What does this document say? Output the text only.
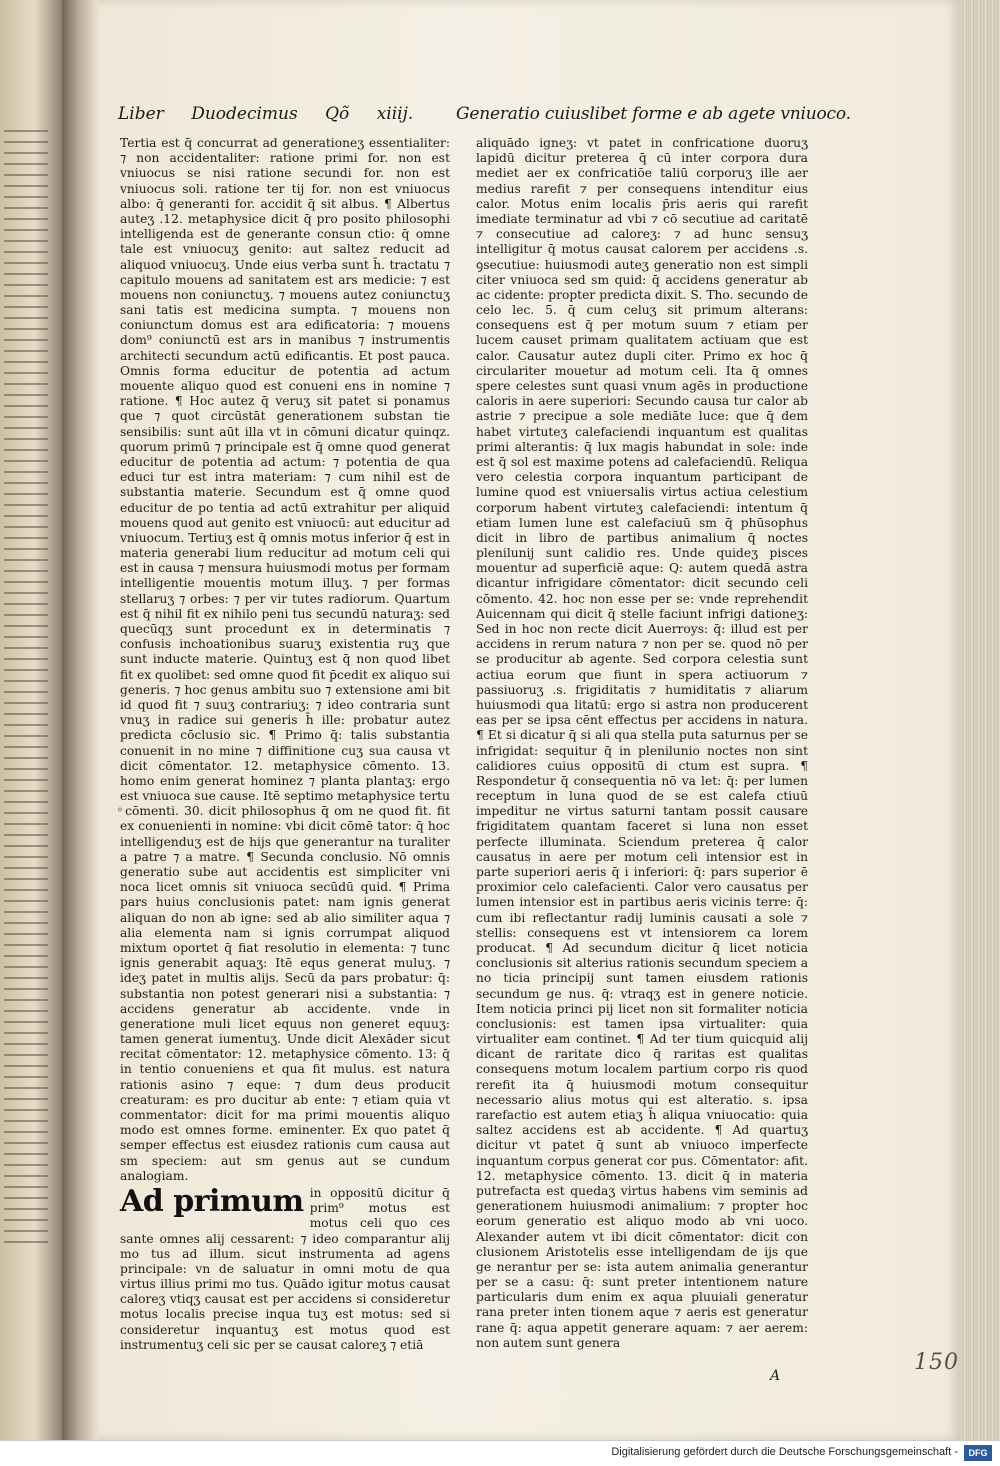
Liber Duodecimus Qõ xiiij.	Generatio cuiuslibet forme e ab agete vniuoco.

Tertia est q̄ concurrat ad generationeʒ essentialiter: ⁊ non accidentaliter: ratione primi for. non est vniuocus se nisi ratione secundi for. non est vniuocus soli. ratione ter tij for. non est vniuocus albo: q̄ generanti for. accidit q̄ sit albus. ¶ Albertus auteʒ .12. metaphysice dicit q̄ pro posito philosophi intelligenda est de generante consun ctio: q̄ omne tale est vniuocuʒ genito: aut saltez reducit ad aliquod vniuocuʒ. Unde eius verba sunt h̄. tractatu ⁊ capitulo mouens ad sanitatem est ars medicie: ⁊ est mouens non coniunctuʒ. ⁊ mouens autez coniunctuʒ sani tatis est medicina sumpta. ⁊ mouens non coniunctum domus est ara edificatoria: ⁊ mouens dom⁹ coniunctū est ars in manibus ⁊ instrumentis architecti secundum actū edificantis. Et post pauca. Omnis forma educitur de potentia ad actum mouente aliquo quod est conueni ens in nomine ⁊ ratione. ¶ Hoc autez q̄ veruʒ sit patet si ponamus que ⁊ quot circūstāt generationem substan tie sensibilis: sunt aūt illa vt in cōmuni dicatur quinqz. quorum primū ⁊ principale est q̄ omne quod generat educitur de potentia ad actum: ⁊ potentia de qua educi tur est intra materiam: ⁊ cum nihil est de substantia materie. Secundum est q̄ omne quod educitur de po tentia ad actū extrahitur per aliquid mouens quod aut genito est vniuocū: aut educitur ad vniuocum. Tertiuʒ est q̄ omnis motus inferior q̄ est in materia generabi lium reducitur ad motum celi qui est in causa ⁊ mensura huiusmodi motus per formam intelligentie mouentis motum illuʒ. ⁊ per formas stellaruʒ ⁊ orbes: ⁊ per vir tutes radiorum. Quartum est q̄ nihil fit ex nihilo peni tus secundū naturaʒ: sed quecūqʒ sunt procedunt ex in determinatis ⁊ confusis inchoationibus suaruʒ existentia ruʒ que sunt inducte materie. Quintuʒ est q̄ non quod libet fit ex quolibet: sed omne quod fit p̄cedit ex aliquo sui generis. ⁊ hoc genus ambitu suo ⁊ extensione ami bit id quod fit ⁊ suuʒ contrariuʒ: ⁊ ideo contraria sunt vnuʒ in radice sui generis h̄ ille: probatur autez predicta cōclusio sic. ¶ Primo q̄: talis substantia conuenit in no mine ⁊ diffinitione cuʒ sua causa vt dicit cōmentator. 12. metaphysice cōmento. 13. homo enim generat hominez ⁊ planta plantaʒ: ergo est vniuoca sue cause. Itē septimo metaphysice tertu ͦ cōmenti. 30. dicit philosophus q̄ om ne quod fit. fit ex conuenienti in nomine: vbi dicit cōmē tator: q̄ hoc intelligenduʒ est de hijs que generantur na turaliter a patre ⁊ a matre. ¶ Secunda conclusio. Nō omnis generatio sube aut accidentis est simpliciter vni noca licet omnis sit vniuoca secūdū quid. ¶ Prima pars huius conclusionis patet: nam ignis generat aliquan do non ab igne: sed ab alio similiter aqua ⁊ alia elementa nam si ignis corrumpat aliquod mixtum oportet q̄ fiat resolutio in elementa: ⁊ tunc ignis generabit aquaʒ: Itē equs generat muluʒ. ⁊ ideʒ patet in multis alijs. Secū da pars probatur: q̄: substantia non potest generari nisi a substantia: ⁊ accidens generatur ab accidente. vnde in generatione muli licet equus non generet equuʒ: tamen generat iumentuʒ. Unde dicit Alexāder sicut recitat cōmentator: 12. metaphysice cōmento. 13: q̄ in tentio conueniens et qua fit mulus. est natura rationis asino ⁊ eque: ⁊ dum deus producit creaturam: es pro ducitur ab ente: ⁊ etiam quia vt commentator: dicit for ma primi mouentis aliquo modo est omnes forme. eminenter. Ex quo patet q̄ semper effectus est eiusdez rationis cum causa aut sm speciem: aut sm genus aut se cundum analogiam.

Ad primum in oppositū dicitur q̄ prim⁹ motus est motus celi quo ces sante omnes alij cessarent: ⁊ ideo comparantur alij mo tus ad illum. sicut instrumenta ad agens principale: vn de saluatur in omni motu de qua virtus illius primi mo tus. Quādo igitur motus causat caloreʒ vtiqʒ causat est per accidens si consideretur motus localis precise inqua tuʒ est motus: sed si consideretur inquantuʒ est motus quod est instrumentuʒ celi sic per se causat caloreʒ ⁊ etiā

aliquādo igneʒ: vt patet in confricatione duoruʒ lapidū dicitur preterea q̄ cū inter corpora dura mediet aer ex confricatiōe taliū corporuʒ ille aer medius rarefit ⁊ per consequens intenditur eius calor. Motus enim localis p̄ris aeris qui rarefit imediate terminatur ad vbi ⁊ cō secutiue ad caritatē ⁊ consecutiue ad caloreʒ: ⁊ ad hunc sensuʒ intelligitur q̄ motus causat calorem per accidens .s. ꝯsecutiue: huiusmodi auteʒ generatio non est simpli citer vniuoca sed sm quid: q̄ accidens generatur ab ac cidente: propter predicta dixit. S. Tho. secundo de celo lec. 5. q̄ cum celuʒ sit primum alterans: consequens est q̄ per motum suum ⁊ etiam per lucem causet primam qualitatem actiuam que est calor. Causatur autez dupli citer. Primo ex hoc q̄ circulariter mouetur ad motum celi. Ita q̄ omnes spere celestes sunt quasi vnum agēs in productione caloris in aere superiori: Secundo causa tur calor ab astrie ⁊ precipue a sole mediāte luce: que q̄ dem habet virtuteʒ calefaciendi inquantum est qualitas primi alterantis: q̄ lux magis habundat in sole: inde est q̄ sol est maxime potens ad calefaciendū. Reliqua vero celestia corpora inquantum participant de lumine quod est vniuersalis virtus actiua celestium corporum habent virtuteʒ calefaciendi: intentum q̄ etiam lumen lune est calefaciuū sm q̄ phūsophus dicit in libro de partibus animalium q̄ noctes plenilunij sunt calidio res. Unde quideʒ pisces mouentur ad superficiē aque: Q: autem quedā astra dicantur infrigidare cōmentator: dicit secundo celi cōmento. 42. hoc non esse per se: vnde reprehendit Auicennam qui dicit q̄ stelle faciunt infrigi dationeʒ: Sed in hoc non recte dicit Auerroys: q̄: illud est per accidens in rerum natura ⁊ non per se. quod nō per se producitur ab agente. Sed corpora celestia sunt actiua eorum que fiunt in spera actiuorum ⁊ passiuoruʒ .s. frigiditatis ⁊ humiditatis ⁊ aliarum huiusmodi qua litatū: ergo si astra non producerent eas per se ipsa cēnt effectus per accidens in natura. ¶ Et si dicatur q̄ si ali qua stella puta saturnus per se infrigidat: sequitur q̄ in plenilunio noctes non sint calidiores cuius oppositū di ctum est supra. ¶ Respondetur q̄ consequentia nō va let: q̄: per lumen receptum in luna quod de se est calefa ctiuū impeditur ne virtus saturni tantam possit causare frigiditatem quantam faceret si luna non esset perfecte illuminata. Sciendum preterea q̄ calor causatus in aere per motum celi intensior est in parte superiori aeris q̄ i inferiori: q̄: pars superior ē proximior celo calefacienti. Calor vero causatus per lumen intensior est in partibus aeris vicinis terre: q̄: cum ibi reflectantur radij luminis causati a sole ⁊ stellis: consequens est vt intensiorem ca lorem producat. ¶ Ad secundum dicitur q̄ licet noticia conclusionis sit alterius rationis secundum speciem a no ticia principij sunt tamen eiusdem rationis secundum ge nus. q̄: vtraqʒ est in genere noticie. Item noticia princi pij licet non sit formaliter noticia conclusionis: est tamen ipsa virtualiter: quia virtualiter eam continet. ¶ Ad ter tium quicquid alij dicant de raritate dico q̄ raritas est qualitas consequens motum localem partium corpo ris quod rerefit ita q̄ huiusmodi motum consequitur necessario alius motus qui est alteratio. s. ipsa rarefactio est autem etiaʒ h̄ aliqua vniuocatio: quia saltez accidens est ab accidente. ¶ Ad quartuʒ dicitur vt patet q̄ sunt ab vniuoco imperfecte inquantum corpus generat cor pus. Cōmentator: afit. 12. metaphysice cōmento. 13. dicit q̄ in materia putrefacta est quedaʒ virtus habens vim seminis ad generationem huiusmodi animalium: ⁊ propter hoc eorum generatio est aliquo modo ab vni uoco. Alexander autem vt ibi dicit cōmentator: dicit con clusionem Aristotelis esse intelligendam de ijs que ge nerantur per se: ista autem animalia generantur per se a casu: q̄: sunt preter intentionem nature particularis dum enim ex aqua pluuiali generatur rana preter inten tionem aque ⁊ aeris est generatur rane q̄: aqua appetit generare aquam: ⁊ aer aerem: non autem sunt genera

A
150
Digitalisierung gefördert durch die Deutsche Forschungsgemeinschaft -	DFG
